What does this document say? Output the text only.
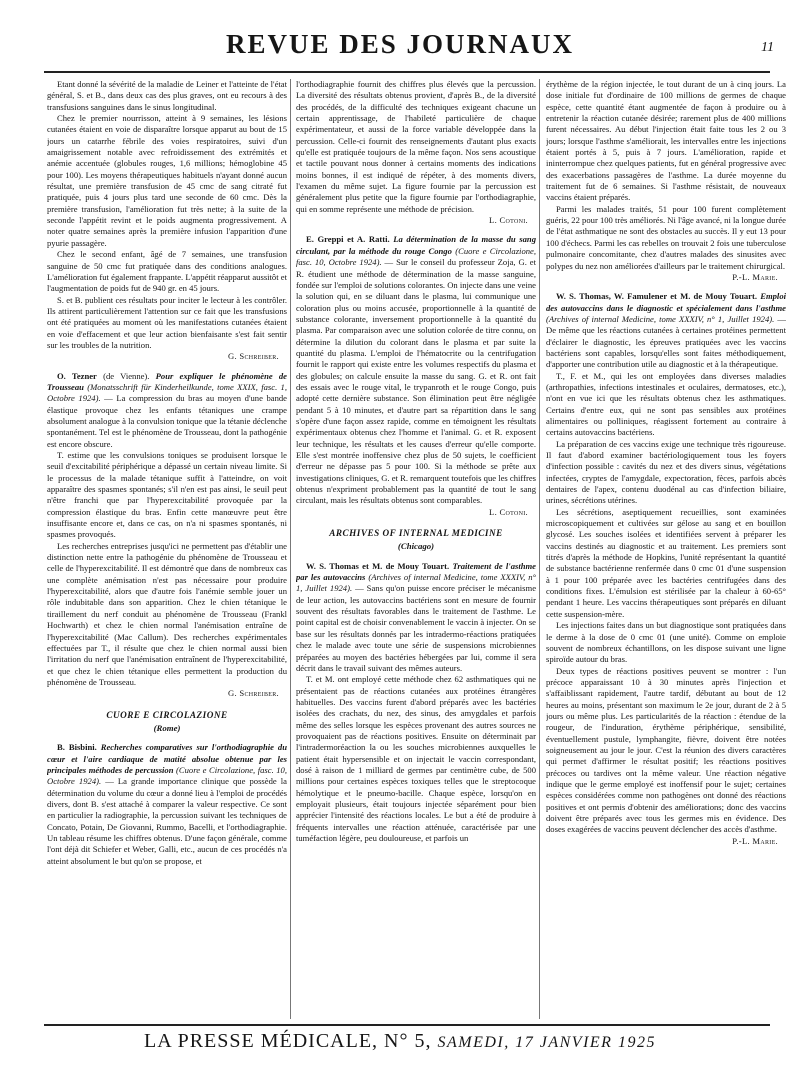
REVUE DES JOURNAUX	11

Etant donné la sévérité de la maladie de Leiner et l'atteinte de l'état général, S. et B., dans deux cas des plus graves, ont eu recours à des transfusions sanguines dans le sinus longitudinal.

Chez le premier nourrisson, atteint à 9 semaines, les lésions cutanées étaient en voie de disparaître lorsque apparut au bout de 15 jours un catarrhe fébrile des voies respiratoires, suivi d'un amaigrissement notable avec refroidissement des extrémités et anémie accentuée (globules rouges, 1,6 millions; hémoglobine 45 pour 100). Les moyens thérapeutiques habituels n'ayant donné aucun résultat, une première transfusion de 45 cmc de sang citraté fut pratiquée, puis 4 jours plus tard une seconde de 60 cmc. Dès la première transfusion, l'amélioration fut très nette; à la suite de la seconde l'appétit revint et le poids augmenta progressivement. A noter quatre semaines après la première infusion l'apparition d'une pyurie passagère.

Chez le second enfant, âgé de 7 semaines, une transfusion sanguine de 50 cmc fut pratiquée dans des conditions analogues. L'amélioration fut également frappante. L'appétit réapparut aussitôt et l'augmentation de poids fut de 940 gr. en 45 jours.

S. et B. publient ces résultats pour inciter le lecteur à les contrôler. Ils attirent particulièrement l'attention sur ce fait que les transfusions ont été pratiquées au moment où les manifestations cutanées étaient en voie d'effacement et que leur action bienfaisante s'est fait sentir sur les troubles de la nutrition.

G. Schreiber.

O. Tezner (de Vienne). Pour expliquer le phénomène de Trousseau (Monatsschrift für Kinderheilkunde, tome XXIX, fasc. 1, Octobre 1924). — La compression du bras au moyen d'une bande élastique provoque chez les enfants tétaniques une crampe absolument analogue à la convulsion tonique que la tétanie déclenche spontanément. Tel est le phénomène de Trousseau, dont la pathogénie est encore obscure.

T. estime que les convulsions toniques se produisent lorsque le seuil d'excitabilité périphérique a dépassé un certain niveau limite. Si le processus de la malade tétanique suffit à l'atteindre, on voit apparaître des spasmes spontanés; s'il n'en est pas ainsi, le seuil peut n'être franchi que par l'hyperexcitabilité provoquée par la compression élastique du bras. Enfin cette manœuvre peut être insuffisante encore et, dans ce cas, on n'a ni spasmes spontanés, ni spasmes provoqués.

Les recherches entreprises jusqu'ici ne permettent pas d'établir une distinction nette entre la pathogénie du phénomène de Trousseau et celle de l'hyperexcitabilité. Il est démontré que dans de nombreux cas une complète anémisation n'est pas nécessaire pour produire l'hyperexcitabilité, alors que d'autre fois l'anémie semble jouer un rôle indubitable dans son apparition. Chez le chien tétanique le tiraillement du nerf conduit au phénomène de Trousseau (Frankl Hochwarth) et chez le chien normal l'anémisation entraîne de l'hyperexcitabilité (Mac Callum). Des recherches expérimentales effectuées par T., il résulte que chez le chien normal aussi bien l'irritation du nerf que l'anémisation entraînent de l'hyperexcitabilité, et que chez le chien tétanique elles permettent la production du phénomène de Trousseau.

G. Schreiber.
CUORE E CIRCOLAZIONE
(Rome)

B. Bisbini. Recherches comparatives sur l'orthodiagraphie du cœur et l'aire cardiaque de matité absolue obtenue par les principales méthodes de percussion (Cuore e Circolazione, fasc. 10, Octobre 1924). — La grande importance clinique que possède la détermination du volume du cœur a donné lieu à l'emploi de procédés divers, dont B. s'est attaché à comparer la valeur respective. Ce sont en particulier la radiographie, la percussion suivant les techniques de Concato, Potain, De Giovanni, Rummo, Bacelli, et l'orthodiagraphie. Un tableau résume les chiffres obtenus. D'une façon générale, comme l'ont déjà dit Schiefer et Weber, Galli, etc., aucun de ces procédés n'a atteint absolument le but qu'on se propose, et

l'orthodiagraphie fournit des chiffres plus élevés que la percussion. La diversité des résultats obtenus provient, d'après B., de la diversité des procédés, de la difficulté des techniques exigeant chacune un certain apprentissage, de l'habileté particulière de chaque expérimentateur, et aussi de la force variable développée dans la percussion. Celle-ci fournit des renseignements d'autant plus exacts qu'elle est pratiquée toujours de la même façon. Nos sens acoustique et tactile pouvant nous donner à certains moments des indications moins bonnes, il est indiqué de répéter, à des moments divers, l'examen du même sujet. La figure fournie par la percussion est généralement plus petite que la figure fournie par l'orthodiagraphie, qui en somme représente une méthode de précision.

L. Cotoni.

E. Greppi et A. Ratti. La détermination de la masse du sang circulant, par la méthode du rouge Congo (Cuore e Circolazione, fasc. 10, Octobre 1924). — Sur le conseil du professeur Zoja, G. et R. étudient une méthode de détermination de la masse sanguine, fondée sur l'emploi de solutions colorantes. On injecte dans une veine la solution qui, en se diluant dans le plasma, lui communique une coloration plus ou moins accusée, proportionnelle à la quantité de substance colorante, inversement proportionnelle à la quantité du plasma. Par comparaison avec une solution colorée de titre connu, on détermine la dilution du colorant dans le plasma et par suite la quantité du plasma. L'emploi de l'hématocrite ou la centrifugation fournit le rapport qui existe entre les volumes respectifs du plasma et des globules; on calcule ensuite la masse du sang. G. et R. ont fait des essais avec le rouge vital, le trypanroth et le rouge Congo, puis adopté cette dernière substance. Son élimination peut être négligée pendant 5 à 10 minutes, et d'autre part sa répartition dans le sang s'opère d'une façon assez rapide, comme en témoignent les résultats expérimentaux obtenus chez l'homme et l'animal. G. et R. exposent leur technique, les résultats et les causes d'erreur qu'elle comporte. Elle s'est montrée inoffensive chez plus de 50 sujets, le coefficient d'erreur ne dépasse pas 5 pour 100. Si la méthode se prête aux investigations cliniques, G. et R. remarquent toutefois que les chiffres obtenus n'expriment probablement pas la quantité de tout le sang circulant, mais les résultats obtenus sont comparables.

L. Cotoni.
ARCHIVES OF INTERNAL MEDICINE
(Chicago)

W. S. Thomas et M. de Mouy Touart. Traitement de l'asthme par les autovaccins (Archives of internal Medicine, tome XXXIV, n° 1, Juillet 1924). — Sans qu'on puisse encore préciser le mécanisme de leur action, les autovaccins bactériens sont en mesure de fournir souvent des résultats favorables dans le traitement de l'asthme. Le point capital est de choisir convenablement le vaccin à injecter. On se base sur les résultats donnés par les intradermo-réactions pratiquées chez le malade avec toute une série de suspensions microbiennes préparées au moyen des bactéries hébergées par lui, comme il sera décrit dans le travail suivant des mêmes auteurs.

T. et M. ont employé cette méthode chez 62 asthmatiques qui ne présentaient pas de réactions cutanées aux protéines étrangères habituelles. Des vaccins furent d'abord préparés avec les bactéries isolées des crachats, du nez, des sinus, des amygdales et parfois même des selles lorsque les espèces provenant des autres sources ne provoquaient pas de réactions positives. Ensuite on déterminait par l'intradermoréaction la ou les souches microbiennes auxquelles le patient était hypersensible et on injectait le vaccin correspondant, dosé à raison de 1 milliard de germes par centimètre cube, de 500 millions pour certaines espèces toxiques telles que le streptocoque hémolytique et le pneumo-bacille. Chaque espèce, lorsqu'on en employait plusieurs, était toujours injectée séparément pour bien apprécier l'intensité des réactions locales. Le but a été de produire à fréquents intervalles une réaction atténuée, caractérisée par une tuméfaction légère, peu douloureuse, et parfois un

érythème de la région injectée, le tout durant de un à cinq jours. La dose initiale fut d'ordinaire de 100 millions de germes de chaque espèce, cette quantité étant augmentée de façon à produire ou à entretenir la réaction cutanée désirée; rarement plus de 400 millions furent nécessaires. Au début l'injection était faite tous les 2 ou 3 jours; lorsque l'asthme s'améliorait, les intervalles entre les injections étaient portés à 5, puis à 7 jours. L'amélioration, rapide et ininterrompue chez quelques patients, fut en général progressive avec des exacerbations passagères de l'asthme. La durée moyenne du traitement fut de 6 semaines. Si l'asthme résistait, de nouveaux vaccins étaient préparés.

Parmi les malades traités, 51 pour 100 furent complètement guéris, 22 pour 100 très améliorés. Ni l'âge avancé, ni la longue durée de l'état asthmatique ne sont des obstacles au succès. Il y eut 13 pour 100 d'échecs. Parmi les cas rebelles on trouvait 2 fois une tuberculose pulmonaire concomitante, chez d'autres malades des sinusites avec polypes du nez non améliorées d'ailleurs par le traitement chirurgical.

P.-L. Marie.

W. S. Thomas, W. Famulener et M. de Mouy Touart. Emploi des autovaccins dans le diagnostic et spécialement dans l'asthme (Archives of internal Medicine, tome XXXIV, n° 1, Juillet 1924). — De même que les réactions cutanées à certaines protéines permettent d'éclairer le diagnostic, les épreuves pratiquées avec les vaccins bactériens sont capables, lorsqu'elles sont faites méthodiquement, d'apporter une contribution utile au diagnostic et à la thérapeutique.

T., F. et M., qui les ont employées dans diverses maladies (arthropathies, infections intestinales et oculaires, dermatoses, etc.), n'ont en vue ici que les résultats obtenus chez les asthmatiques. Certains d'entre eux, qui ne sont pas sensibles aux protéines alimentaires ou polliniques, réagissent fortement au contraire à certains autovaccins bactériens.

La préparation de ces vaccins exige une technique très rigoureuse. Il faut d'abord examiner bactériologiquement tous les foyers d'infection possible : cavités du nez et des divers sinus, végétations infectées, cryptes de l'amygdale, expectoration, fèces, parfois abcès dentaires de l'apex, contenu duodénal au cas d'infection biliaire, urines, sécrétions utérines.

Les sécrétions, aseptiquement recueillies, sont examinées microscopiquement et cultivées sur gélose au sang et en bouillon glycosé. Les souches isolées et identifiées servent à préparer les vaccins destinés au diagnostic et au traitement. Les premiers sont titrés d'après la méthode de Hopkins, l'unité représentant la quantité de substance bactérienne renfermée dans 0 cmc 01 d'une suspension à 1 pour 100 préparée avec les bactéries centrifugées dans des conditions fixes. L'émulsion est stérilisée par la chaleur à 60-65° pendant 1 heure. Les vaccins thérapeutiques sont préparés en diluant cette suspension-mère.

Les injections faites dans un but diagnostique sont pratiquées dans le derme à la dose de 0 cmc 01 (une unité). Comme on emploie souvent de nombreux échantillons, on les dispose suivant une ligne spiroïde autour du bras.

Deux types de réactions positives peuvent se montrer : l'un précoce apparaissant 10 à 30 minutes après l'injection et s'affaiblissant rapidement, l'autre tardif, débutant au bout de 12 heures au moins, présentant son maximum le 2e jour, durant de 2 à 5 jours ou même plus. Les particularités de la réaction : étendue de la rougeur, de l'induration, érythème périphérique, sensibilité, éventuellement pustule, lymphangite, fièvre, doivent être notées soigneusement au jour le jour. C'est la réunion des divers caractères qui permet d'affirmer le résultat positif; les réactions positives précoces ou tardives ont la même valeur. Une réaction négative indique que le germe employé est inoffensif pour le sujet; certaines espèces considérées comme non pathogènes ont donné des réactions positives et ont permis d'obtenir des améliorations; donc des vaccins doivent être préparés avec tous les germes mis en évidence. Des doses exagérées de vaccins peuvent déclencher des accès d'asthme.

P.-L. Marie.
LA PRESSE MÉDICALE, N° 5, SAMEDI, 17 JANVIER 1925
